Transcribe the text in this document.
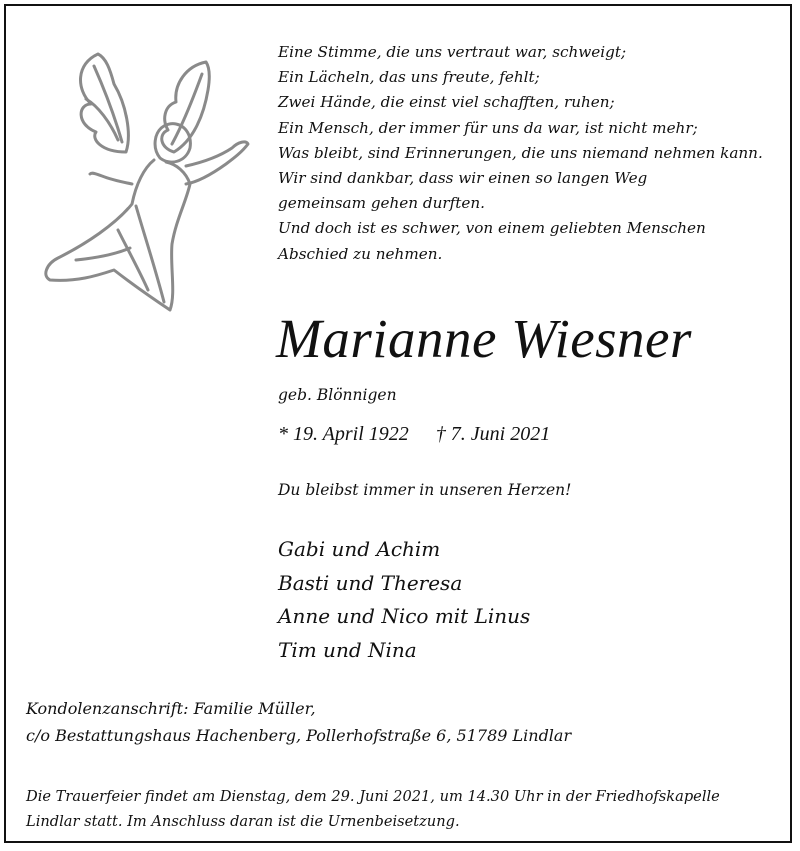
Eine Stimme, die uns vertraut war, schweigt;
Ein Lächeln, das uns freute, fehlt;
Zwei Hände, die einst viel schafften, ruhen;
Ein Mensch, der immer für uns da war, ist nicht mehr;
Was bleibt, sind Erinnerungen, die uns niemand nehmen kann.
Wir sind dankbar, dass wir einen so langen Weg
gemeinsam gehen durften.
Und doch ist es schwer, von einem geliebten Menschen
Abschied zu nehmen.
Marianne Wiesner
geb. Blönnigen
* 19. April 1922 † 7. Juni 2021
Du bleibst immer in unseren Herzen!
Gabi und Achim
Basti und Theresa
Anne und Nico mit Linus
Tim und Nina
Kondolenzanschrift: Familie Müller,
c/o Bestattungshaus Hachenberg, Pollerhofstraße 6, 51789 Lindlar
Die Trauerfeier findet am Dienstag, dem 29. Juni 2021, um 14.30 Uhr in der Friedhofskapelle
Lindlar statt. Im Anschluss daran ist die Urnenbeisetzung.
